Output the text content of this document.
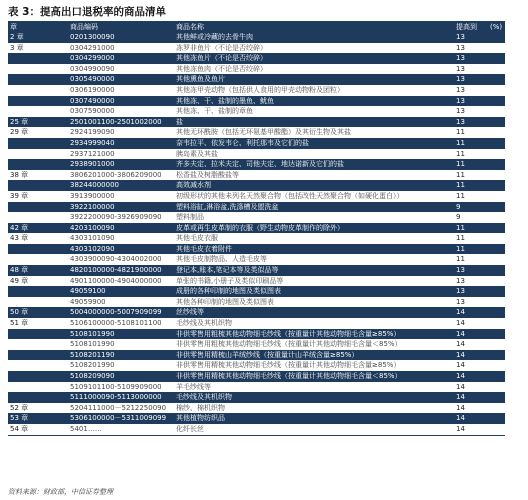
表 3：提高出口退税率的商品清单
章	商品编码	商品名称	提高到 (%)
2 章	0201300090	其他鲜或冷藏的去骨牛肉	13
3 章	0304291000	冻罗非鱼片（不论是否绞碎）	13
0304299000	其他冻鱼片（不论是否绞碎）	13
0304990090	其他冻鱼肉（不论是否绞碎）	13
0305490000	其他熏鱼及鱼片	13
0306190000	其他冻甲壳动物（包括供人食用的甲壳动物粉及团粒）	13
0307490000	其他冻、干、盐制的墨鱼、鱿鱼	13
0307590000	其他冻、干、盐制的章鱼	13
25 章	2501001100-2501002000 盐	13
29 章	2924199090	其他无环酰胺（包括无环氨基甲酸酯）及其衍生物及其盐	11
2934999040	奈韦拉平、依发韦仑、利托那韦及它们的盐	11
2937121000	胰岛素及其盐	11
2938901000	齐多夫定、拉米夫定、司他夫定、地达诺新及它们的盐	11
38 章	3806201000-3806209000 松香盐及树脂酸盐等	11
38244000000	高效减水剂	11
39 章	3913900000	初级形状的其他未列名天然聚合物（包括改性天然聚合物（如硬化蛋白））	11
3922100000	塑料浴缸,淋浴盆,洗涤槽及盥洗盆	9
3922200090-3926909090 塑料制品	9
42 章	4203100090	皮革或再生皮革制的衣服（野生动物皮革制作的除外）	11
43 章	4303101090	其他毛皮衣服	11
4303102090	其他毛皮衣着附件	11
4303900090-4304002000 其他毛皮制物品、人造毛皮等	11
48 章	4820100000-4821900000 登记本,账本,笔记本等及类似品等	13
49 章	4901100000-4904000000 单张的书籍,小册子及类似印刷品等	13
49059100	成册的各种印制的地图及类似图表	13
49059900	其他各种印制的地图及类似图表	13
50 章	5004000000-5007909099 丝纱线等	14
51 章	5106100000-5108101100 毛纱线及其机织物	14
5108101990	非供零售用粗梳其他动物细毛纱线（按重量计其他动物细毛含量≥85%）	14
5108101990	非供零售用粗梳其他动物细毛纱线（按重量计其他动物细毛含量＜85%）	14
5108201190	非供零售用精梳山羊绒纱线（按重量计山羊绒含量≥85%）	14
5108201990	非供零售用精梳其他动物细毛纱线（按重量计其他动物细毛含量≥85%）	14
5108209090	非供零售用精梳其他动物细毛纱线（按重量计其他动物细毛含量＜85%）	14
5109101100-5109909000 羊毛纱线等	14
5111000090-5113000000 毛纱线及其机织物	14
52 章	5204111000－5212250090 棉纱、棉机织物	14
53 章	5306100000－5311009099 其他植物纺织品	14
54 章	5401……	化纤长丝	14
资料来源：财政部，中信证券整理
